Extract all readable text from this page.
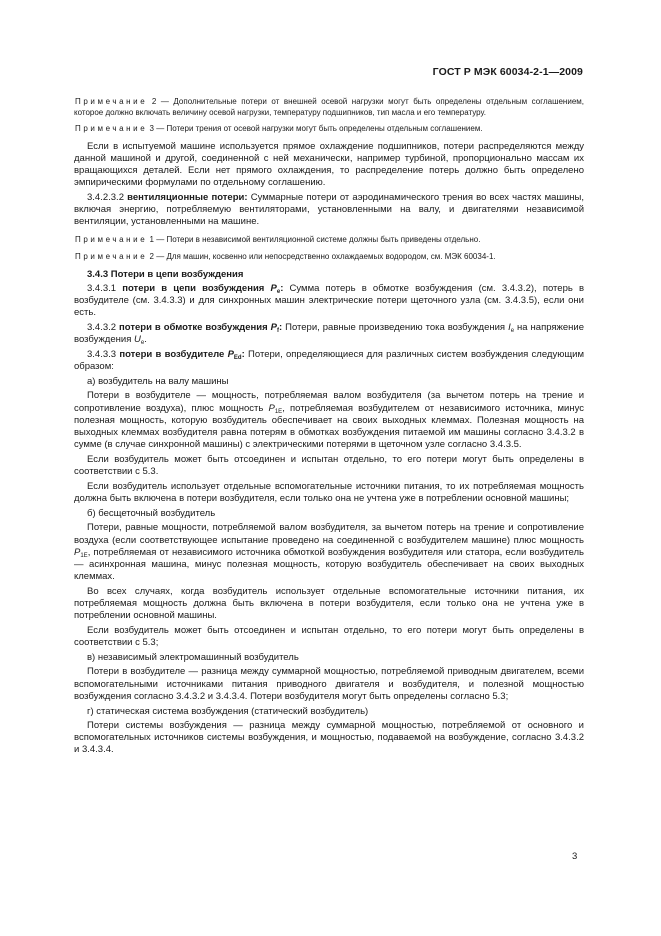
ГОСТ Р МЭК 60034-2-1—2009

Примечание 2 — Дополнительные потери от внешней осевой нагрузки могут быть определены отдельным соглашением, которое должно включать величину осевой нагрузки, температуру подшипников, тип масла и его температуру.

Примечание 3 — Потери трения от осевой нагрузки могут быть определены отдельным соглашением.

Если в испытуемой машине используется прямое охлаждение подшипников, потери распределяются между данной машиной и другой, соединенной с ней механически, например турбиной, пропорционально массам их вращающихся деталей. Если нет прямого охлаждения, то распределение потерь должно быть определено эмпирическими формулами по отдельному соглашению.

3.4.2.3.2 вентиляционные потери: Суммарные потери от аэродинамического трения во всех частях машины, включая энергию, потребляемую вентиляторами, установленными на валу, и двигателями независимой вентиляции, установленными на машине.

Примечание 1 — Потери в независимой вентиляционной системе должны быть приведены отдельно.

Примечание 2 — Для машин, косвенно или непосредственно охлаждаемых водородом, см. МЭК 60034-1.

3.4.3 Потери в цепи возбуждения

3.4.3.1 потери в цепи возбуждения $P_e$: Сумма потерь в обмотке возбуждения (см. 3.4.3.2), потерь в возбудителе (см. 3.4.3.3) и для синхронных машин электрические потери щеточного узла (см. 3.4.3.5), если они есть.

3.4.3.2 потери в обмотке возбуждения $P_f$: Потери, равные произведению тока возбуждения $I_e$ на напряжение возбуждения $U_e$.

3.4.3.3 потери в возбудителе $P_{Ed}$: Потери, определяющиеся для различных систем возбуждения следующим образом:

а) возбудитель на валу машины

Потери в возбудителе — мощность, потребляемая валом возбудителя (за вычетом потерь на трение и сопротивление воздуха), плюс мощность $P_{1E}$, потребляемая возбудителем от независимого источника, минус полезная мощность, которую возбудитель обеспечивает на своих выходных клеммах. Полезная мощность на выходных клеммах возбудителя равна потерям в обмотках возбуждения питаемой им машины согласно 3.4.3.2 в сумме (в случае синхронной машины) с электрическими потерями в щеточном узле согласно 3.4.3.5.

Если возбудитель может быть отсоединен и испытан отдельно, то его потери могут быть определены в соответствии с 5.3.

Если возбудитель использует отдельные вспомогательные источники питания, то их потребляемая мощность должна быть включена в потери возбудителя, если только она не учтена уже в потреблении основной машины;

б) бесщеточный возбудитель

Потери, равные мощности, потребляемой валом возбудителя, за вычетом потерь на трение и сопротивление воздуха (если соответствующее испытание проведено на соединенной с возбудителем машине) плюс мощность $P_{1E}$, потребляемая от независимого источника обмоткой возбуждения возбудителя или статора, если возбудитель — асинхронная машина, минус полезная мощность, которую возбудитель обеспечивает на своих выходных клеммах.

Во всех случаях, когда возбудитель использует отдельные вспомогательные источники питания, их потребляемая мощность должна быть включена в потери возбудителя, если только она не учтена уже в потреблении основной машины.

Если возбудитель может быть отсоединен и испытан отдельно, то его потери могут быть определены в соответствии с 5.3;

в) независимый электромашинный возбудитель

Потери в возбудителе — разница между суммарной мощностью, потребляемой приводным двигателем, всеми вспомогательными источниками питания приводного двигателя и возбудителя, и полезной мощностью возбуждения согласно 3.4.3.2 и 3.4.3.4. Потери возбудителя могут быть определены согласно 5.3;

г) статическая система возбуждения (статический возбудитель)

Потери системы возбуждения — разница между суммарной мощностью, потребляемой от основного и вспомогательных источников системы возбуждения, и мощностью, подаваемой на возбуждение, согласно 3.4.3.2 и 3.4.3.4.

3
